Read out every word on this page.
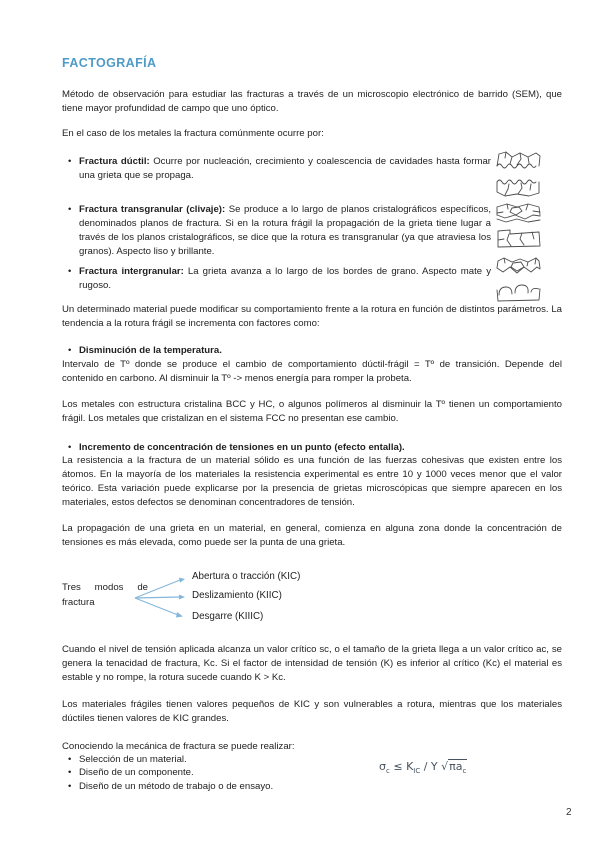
FACTOGRAFÍA
Método de observación para estudiar las fracturas a través de un microscopio electrónico de barrido (SEM), que tiene mayor profundidad de campo que uno óptico.
En el caso de los metales la fractura comúnmente ocurre por:
• Fractura dúctil: Ocurre por nucleación, crecimiento y coalescencia de cavidades hasta formar una grieta que se propaga.
• Fractura transgranular (clivaje): Se produce a lo largo de planos cristalográficos específicos, denominados planos de fractura. Si en la rotura frágil la propagación de la grieta tiene lugar a través de los planos cristalográficos, se dice que la rotura es transgranular (ya que atraviesa los granos). Aspecto liso y brillante.
• Fractura intergranular: La grieta avanza a lo largo de los bordes de grano. Aspecto mate y rugoso.
Un determinado material puede modificar su comportamiento frente a la rotura en función de distintos parámetros. La tendencia a la rotura frágil se incrementa con factores como:
• Disminución de la temperatura.
Intervalo de Tº donde se produce el cambio de comportamiento dúctil-frágil = Tº de transición. Depende del contenido en carbono. Al disminuir la Tº -> menos energía para romper la probeta.
Los metales con estructura cristalina BCC y HC, o algunos polímeros al disminuir la Tº tienen un comportamiento frágil. Los metales que cristalizan en el sistema FCC no presentan ese cambio.
• Incremento de concentración de tensiones en un punto (efecto entalla).
La resistencia a la fractura de un material sólido es una función de las fuerzas cohesivas que existen entre los átomos. En la mayoría de los materiales la resistencia experimental es entre 10 y 1000 veces menor que el valor teórico. Esta variación puede explicarse por la presencia de grietas microscópicas que siempre aparecen en los materiales, estos defectos se denominan concentradores de tensión.
La propagación de una grieta en un material, en general, comienza en alguna zona donde la concentración de tensiones es más elevada, como puede ser la punta de una grieta.
Tres modos de fractura
Abertura o tracción (KIC)
Deslizamiento (KIIC)
Desgarre (KIIIC)
Cuando el nivel de tensión aplicada alcanza un valor crítico sc, o el tamaño de la grieta llega a un valor crítico ac, se genera la tenacidad de fractura, Kc. Si el factor de intensidad de tensión (K) es inferior al crítico (Kc) el material es estable y no rompe, la rotura sucede cuando K > Kc.
Los materiales frágiles tienen valores pequeños de KIC y son vulnerables a rotura, mientras que los materiales dúctiles tienen valores de KIC grandes.
Conociendo la mecánica de fractura se puede realizar:
• Selección de un material.
• Diseño de un componente.
• Diseño de un método de trabajo o de ensayo.
$\sigma_c \le K_{IC} / Y$ $√\pi a_c$
2
